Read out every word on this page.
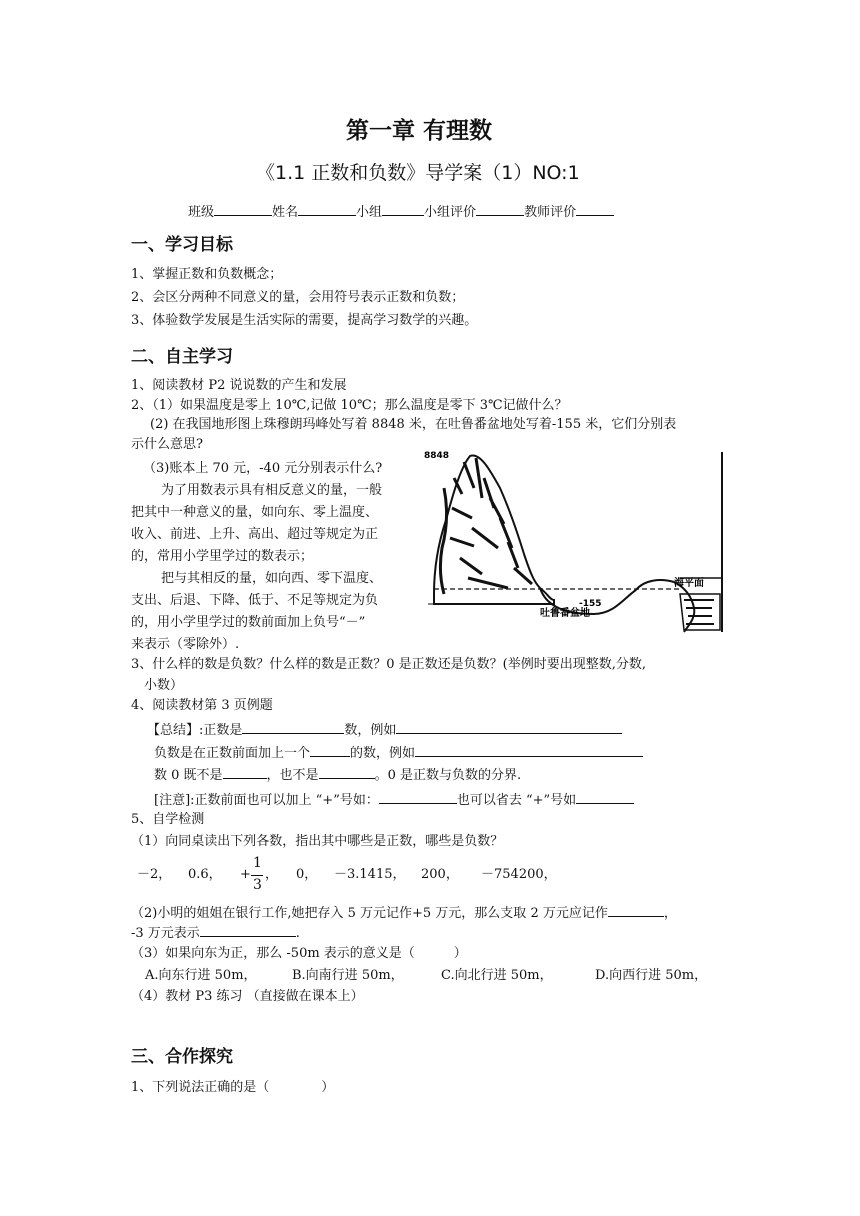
第一章 有理数
《1.1 正数和负数》导学案（1）NO:1
班级	姓名	小组	小组评价	教师评价
一、学习目标
1、掌握正数和负数概念；
2、会区分两种不同意义的量，会用符号表示正数和负数；
3、体验数学发展是生活实际的需要，提高学习数学的兴趣。
二、自主学习
1、阅读教材 P2 说说数的产生和发展
2、（1）如果温度是零上 10℃,记做 10℃；那么温度是零下 3℃记做什么？
(2) 在我国地形图上珠穆朗玛峰处写着 8848 米，在吐鲁番盆地处写着-155 米，它们分别表
示什么意思?
（3)账本上 70 元，-40 元分别表示什么?
为了用数表示具有相反意义的量，一般
把其中一种意义的量，如向东、零上温度、
收入、前进、上升、高出、超过等规定为正
的，常用小学里学过的数表示；
把与其相反的量，如向西、零下温度、
支出、后退、下降、低于、不足等规定为负
的，用小学里学过的数前面加上负号“－”
来表示（零除外）.
8848
-155
吐鲁番盆地
海平面
3、什么样的数是负数？什么样的数是正数？0 是正数还是负数？(举例时要出现整数,分数,
小数）
4、阅读教材第 3 页例题
【总结】:正数是	数，例如
负数是在正数前面加上一个	的数，例如
数 0 既不是	，也不是	。0 是正数与负数的分界.
[注意]:正数前面也可以加上 “+”号如：	也可以省去 “+”号如
5、自学检测
（1）向同桌读出下列各数，指出其中哪些是正数，哪些是负数？
－2， 0.6， +
1
3
， 0， －3.1415， 200， －754200，
（2)小明的姐姐在银行工作,她把存入 5 万元记作+5 万元，那么支取 2 万元应记作	，
-3 万元表示	.
（3）如果向东为正，那么 -50m 表示的意义是（　　　）
A.向东行进 50m，	B.向南行进 50m，	C.向北行进 50m，	D.向西行进 50m，
（4）教材 P3 练习 （直接做在课本上）
三、合作探究
1、下列说法正确的是（　　　　）
